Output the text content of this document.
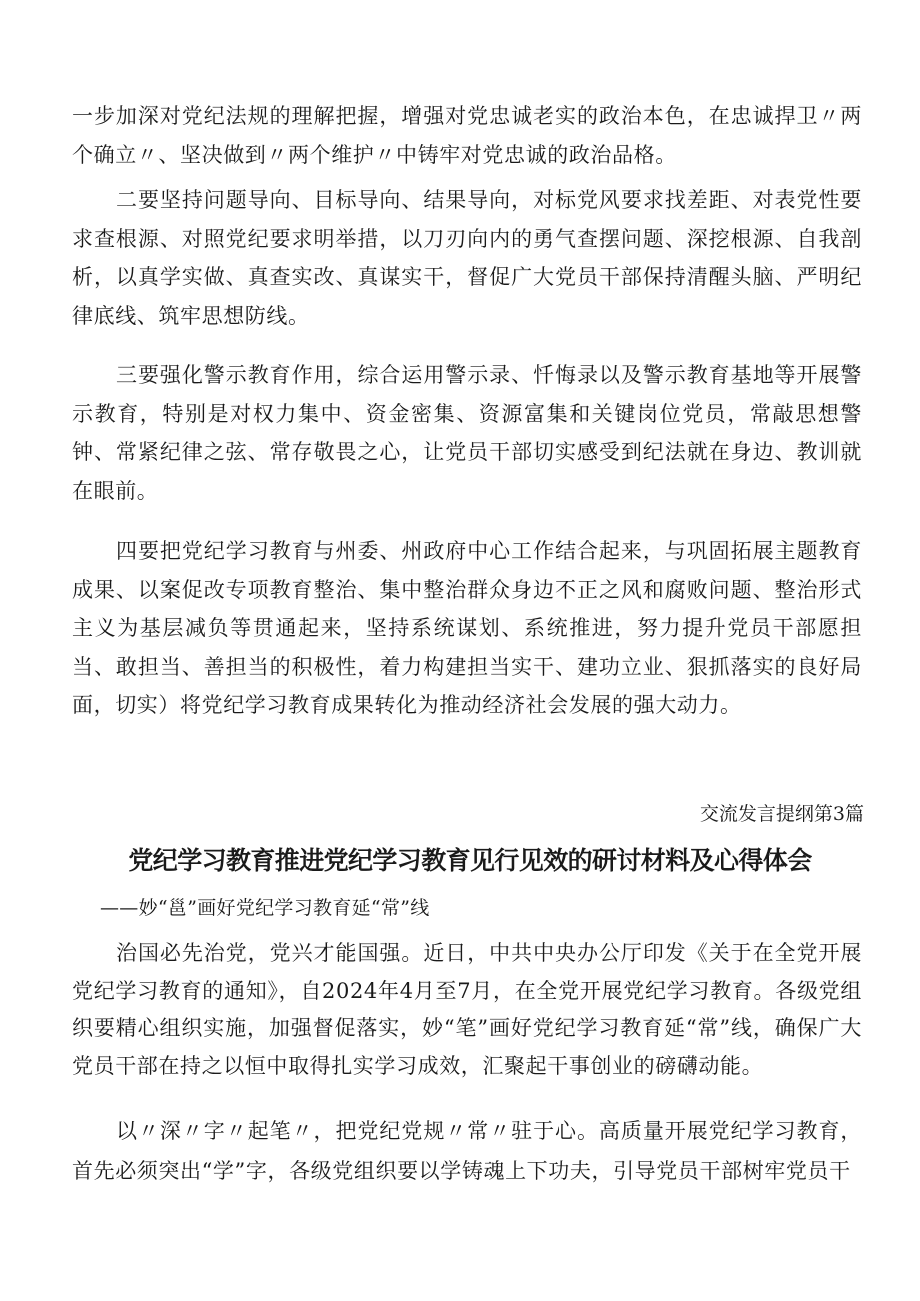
一步加深对党纪法规的理解把握，增强对党忠诚老实的政治本色，在忠诚捍卫〃两个确立〃、坚决做到〃两个维护〃中铸牢对党忠诚的政治品格。

二要坚持问题导向、目标导向、结果导向，对标党风要求找差距、对表党性要求查根源、对照党纪要求明举措，以刀刃向内的勇气查摆问题、深挖根源、自我剖析，以真学实做、真查实改、真谋实干，督促广大党员干部保持清醒头脑、严明纪律底线、筑牢思想防线。

三要强化警示教育作用，综合运用警示录、忏悔录以及警示教育基地等开展警示教育，特别是对权力集中、资金密集、资源富集和关键岗位党员，常敲思想警钟、常紧纪律之弦、常存敬畏之心，让党员干部切实感受到纪法就在身边、教训就在眼前。

四要把党纪学习教育与州委、州政府中心工作结合起来，与巩固拓展主题教育成果、以案促改专项教育整治、集中整治群众身边不正之风和腐败问题、整治形式主义为基层减负等贯通起来，坚持系统谋划、系统推进，努力提升党员干部愿担当、敢担当、善担当的积极性，着力构建担当实干、建功立业、狠抓落实的良好局面，切实）将党纪学习教育成果转化为推动经济社会发展的强大动力。

交流发言提纲第3篇
党纪学习教育推进党纪学习教育见行见效的研讨材料及心得体会
——妙“邕”画好党纪学习教育延“常”线

治国必先治党，党兴才能国强。近日，中共中央办公厅印发《关于在全党开展党纪学习教育的通知》，自2024年4月至7月，在全党开展党纪学习教育。各级党组织要精心组织实施，加强督促落实，妙“笔”画好党纪学习教育延“常”线，确保广大党员干部在持之以恒中取得扎实学习成效，汇聚起干事创业的磅礴动能。

以〃深〃字〃起笔〃，把党纪党规〃常〃驻于心。高质量开展党纪学习教育，首先必须突出“学”字，各级党组织要以学铸魂上下功夫，引导党员干部树牢党员干
